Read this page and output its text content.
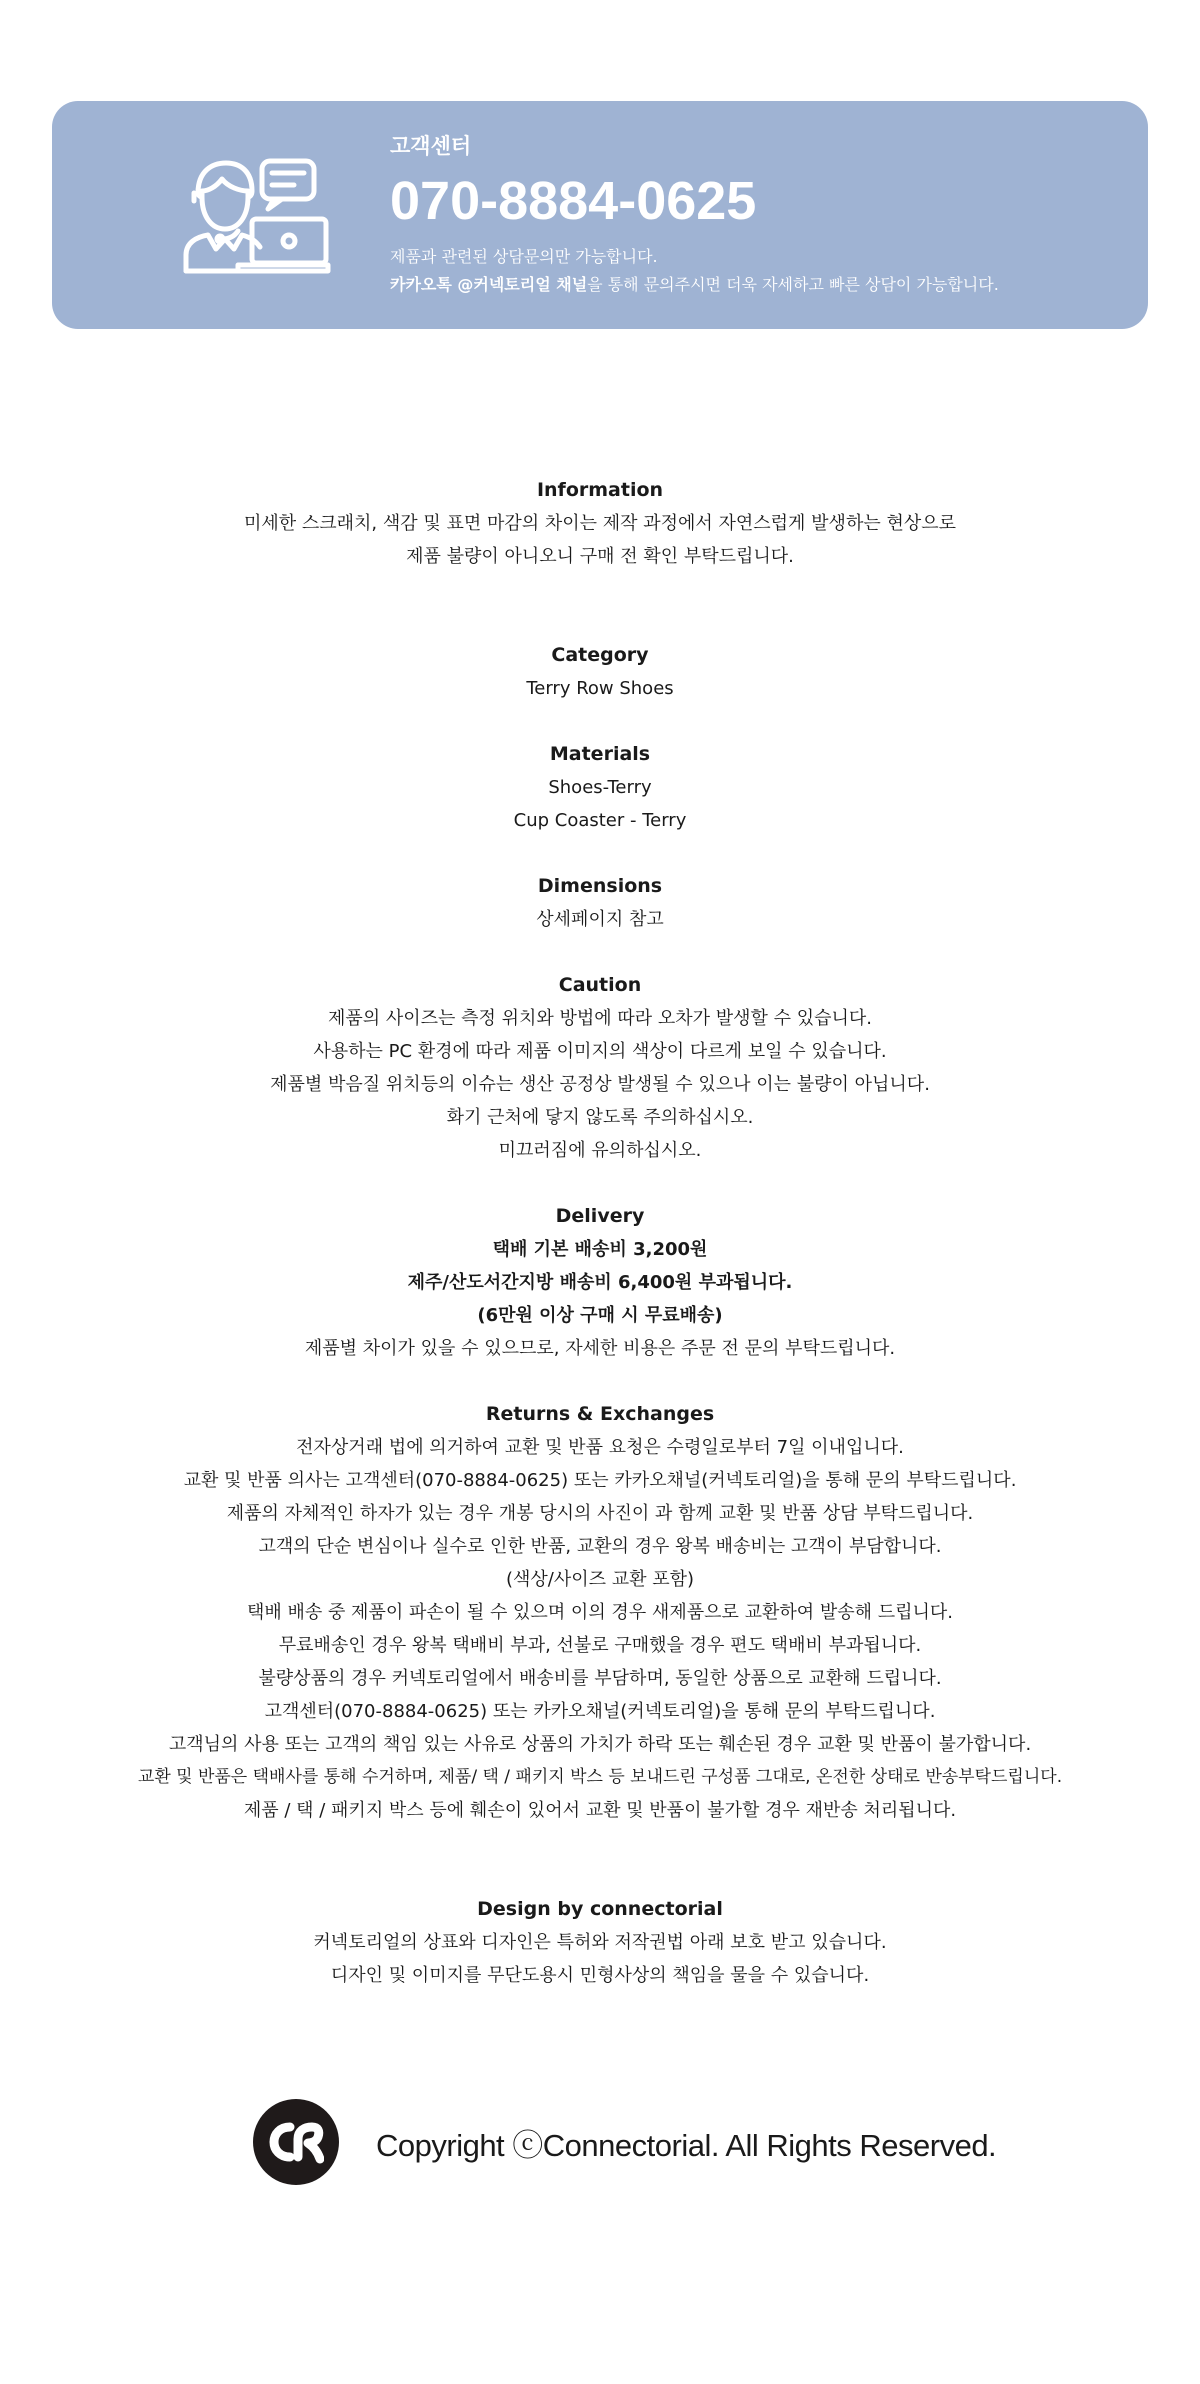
고객센터
070-8884-0625
제품과 관련된 상담문의만 가능합니다.
카카오톡 @커넥토리얼 채널을 통해 문의주시면 더욱 자세하고 빠른 상담이 가능합니다.
Information
미세한 스크래치, 색감 및 표면 마감의 차이는 제작 과정에서 자연스럽게 발생하는 현상으로
제품 불량이 아니오니 구매 전 확인 부탁드립니다.
Category
Terry Row Shoes
Materials
Shoes-Terry
Cup Coaster - Terry
Dimensions
상세페이지 참고
Caution
제품의 사이즈는 측정 위치와 방법에 따라 오차가 발생할 수 있습니다.
사용하는 PC 환경에 따라 제품 이미지의 색상이 다르게 보일 수 있습니다.
제품별 박음질 위치등의 이슈는 생산 공정상 발생될 수 있으나 이는 불량이 아닙니다.
화기 근처에 닿지 않도록 주의하십시오.
미끄러짐에 유의하십시오.
Delivery
택배 기본 배송비 3,200원
제주/산도서간지방 배송비 6,400원 부과됩니다.
(6만원 이상 구매 시 무료배송)
제품별 차이가 있을 수 있으므로, 자세한 비용은 주문 전 문의 부탁드립니다.
Returns & Exchanges
전자상거래 법에 의거하여 교환 및 반품 요청은 수령일로부터 7일 이내입니다.
교환 및 반품 의사는 고객센터(070-8884-0625) 또는 카카오채널(커넥토리얼)을 통해 문의 부탁드립니다.
제품의 자체적인 하자가 있는 경우 개봉 당시의 사진이 과 함께 교환 및 반품 상담 부탁드립니다.
고객의 단순 변심이나 실수로 인한 반품, 교환의 경우 왕복 배송비는 고객이 부담합니다.
(색상/사이즈 교환 포함)
택배 배송 중 제품이 파손이 될 수 있으며 이의 경우 새제품으로 교환하여 발송해 드립니다.
무료배송인 경우 왕복 택배비 부과, 선불로 구매했을 경우 편도 택배비 부과됩니다.
불량상품의 경우 커넥토리얼에서 배송비를 부담하며, 동일한 상품으로 교환해 드립니다.
고객센터(070-8884-0625) 또는 카카오채널(커넥토리얼)을 통해 문의 부탁드립니다.
고객님의 사용 또는 고객의 책임 있는 사유로 상품의 가치가 하락 또는 훼손된 경우 교환 및 반품이 불가합니다.
교환 및 반품은 택배사를 통해 수거하며, 제품/ 택 / 패키지 박스 등 보내드린 구성품 그대로, 온전한 상태로 반송부탁드립니다.
제품 / 택 / 패키지 박스 등에 훼손이 있어서 교환 및 반품이 불가할 경우 재반송 처리됩니다.
Design by connectorial
커넥토리얼의 상표와 디자인은 특허와 저작권법 아래 보호 받고 있습니다.
디자인 및 이미지를 무단도용시 민형사상의 책임을 물을 수 있습니다.
Copyright ⓒConnectorial. All Rights Reserved.
